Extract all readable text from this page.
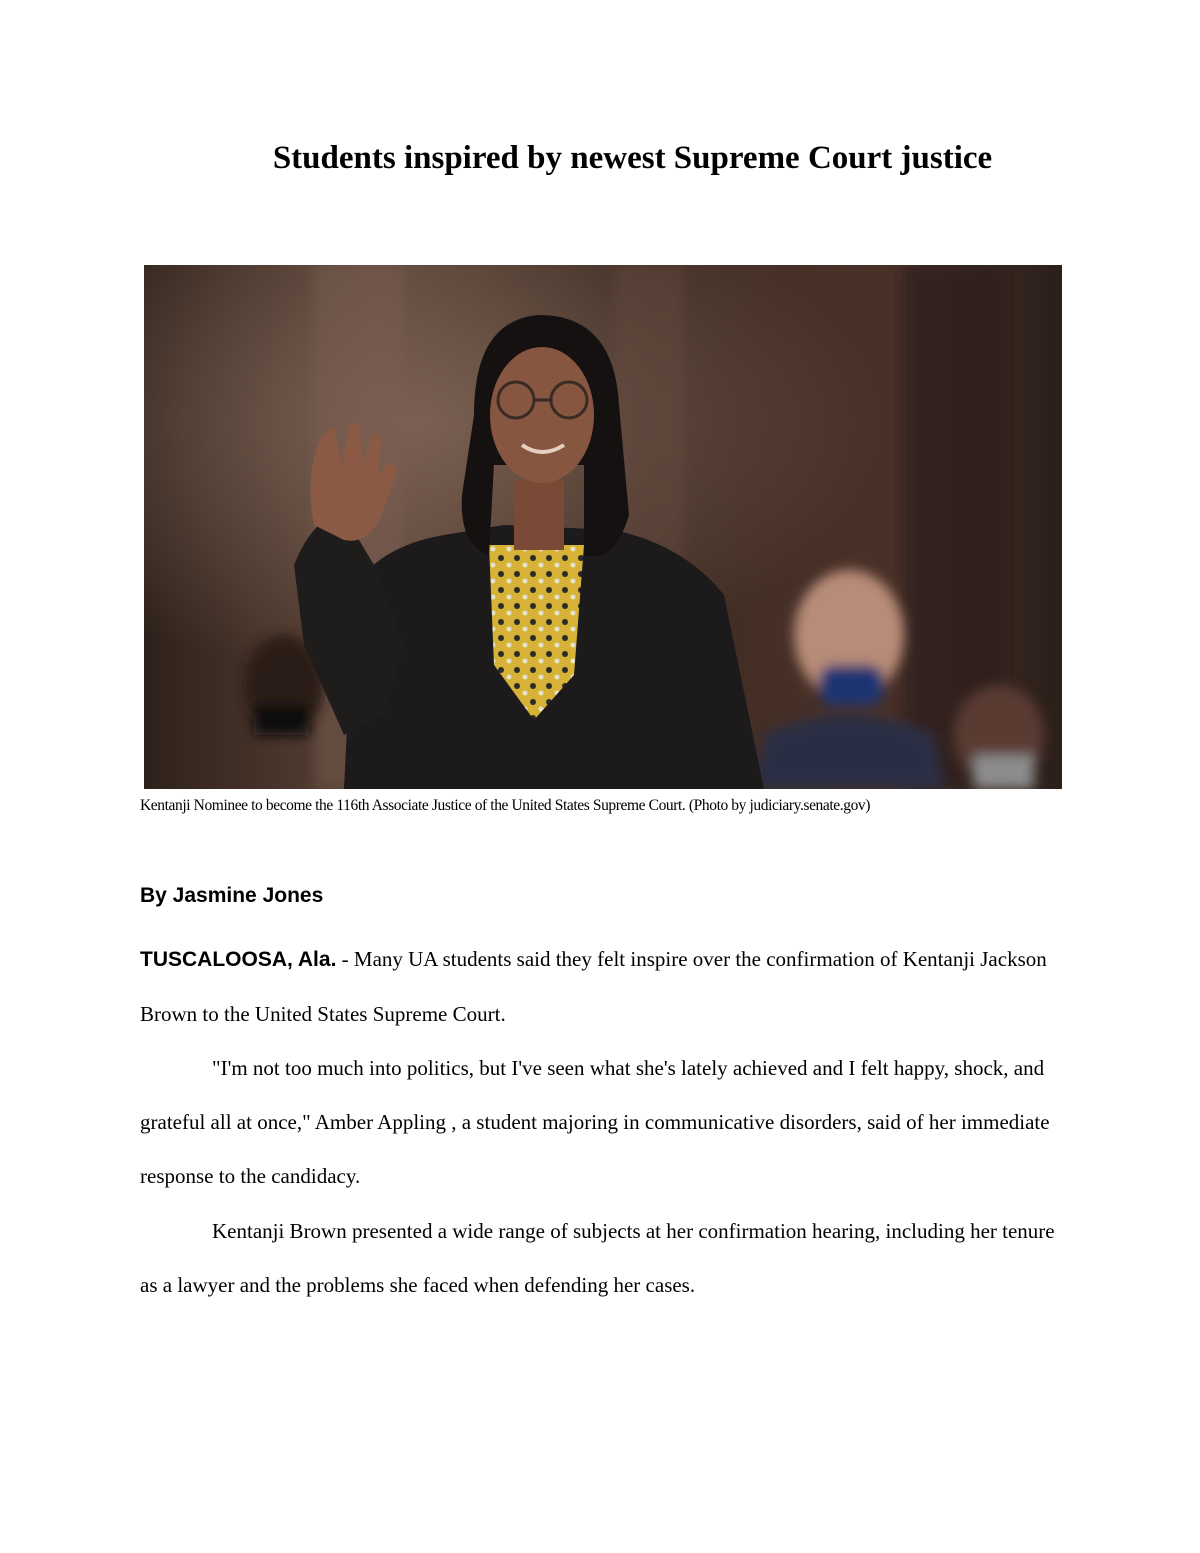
Students inspired by newest Supreme Court justice
Kentanji Nominee to become the 116th Associate Justice of the United States Supreme Court. (Photo by judiciary.senate.gov)
By Jasmine Jones

TUSCALOOSA, Ala. - Many UA students said they felt inspire over the confirmation of Kentanji Jackson Brown to the United States Supreme Court.

"I'm not too much into politics, but I've seen what she's lately achieved and I felt happy, shock, and grateful all at once," Amber Appling , a student majoring in communicative disorders, said of her immediate response to the candidacy.

Kentanji Brown presented a wide range of subjects at her confirmation hearing, including her tenure as a lawyer and the problems she faced when defending her cases.
